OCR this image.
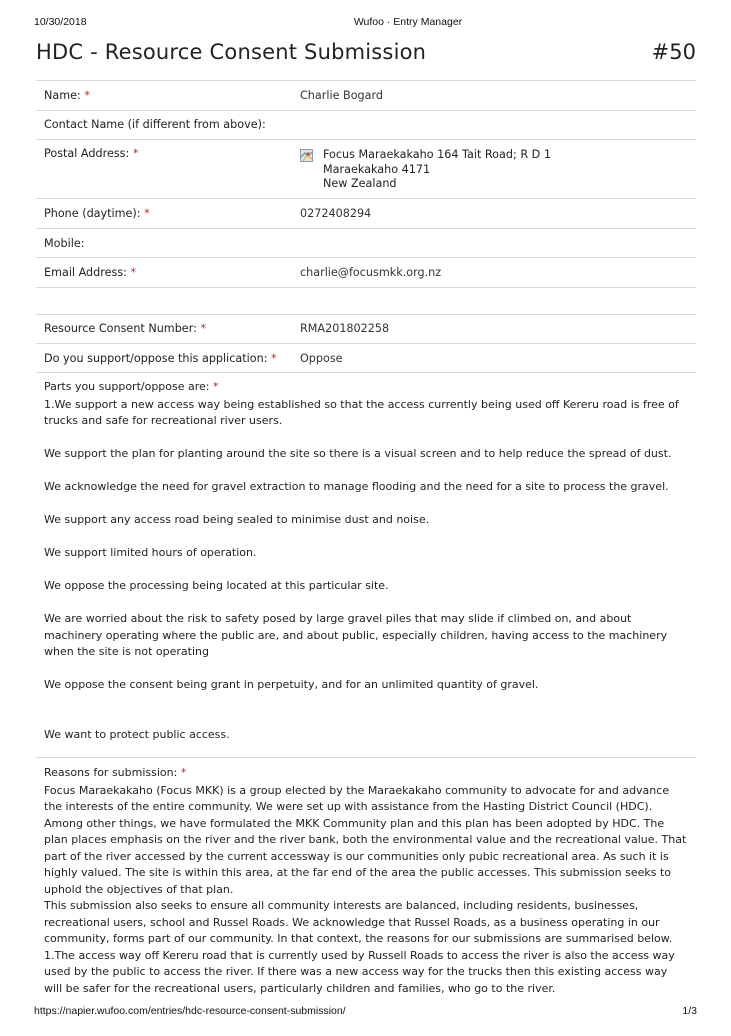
10/30/2018	Wufoo · Entry Manager
HDC - Resource Consent Submission	#50
Name: *	Charlie Bogard
Contact Name (if different from above):
Postal Address: *	Focus Maraekakaho 164 Tait Road; R D 1
Maraekakaho 4171
New Zealand
Phone (daytime): *	0272408294
Mobile:
Email Address: *	charlie@focusmkk.org.nz
Resource Consent Number: *	RMA201802258
Do you support/oppose this application: * Oppose
Parts you support/oppose are: *

1.We support a new access way being established so that the access currently being used off Kereru road is free of trucks and safe for recreational river users.

We support the plan for planting around the site so there is a visual screen and to help reduce the spread of dust.

We acknowledge the need for gravel extraction to manage flooding and the need for a site to process the gravel.

We support any access road being sealed to minimise dust and noise.

We support limited hours of operation.

We oppose the processing being located at this particular site.

We are worried about the risk to safety posed by large gravel piles that may slide if climbed on, and about machinery operating where the public are, and about public, especially children, having access to the machinery when the site is not operating

We oppose the consent being grant in perpetuity, and for an unlimited quantity of gravel.

We want to protect public access.

Reasons for submission: *

Focus Maraekakaho (Focus MKK) is a group elected by the Maraekakaho community to advocate for and advance the interests of the entire community. We were set up with assistance from the Hasting District Council (HDC). Among other things, we have formulated the MKK Community plan and this plan has been adopted by HDC. The plan places emphasis on the river and the river bank, both the environmental value and the recreational value. That part of the river accessed by the current accessway is our communities only pubic recreational area. As such it is highly valued. The site is within this area, at the far end of the area the public accesses. This submission seeks to uphold the objectives of that plan.

This submission also seeks to ensure all community interests are balanced, including residents, businesses, recreational users, school and Russel Roads. We acknowledge that Russel Roads, as a business operating in our community, forms part of our community. In that context, the reasons for our submissions are summarised below.

1.The access way off Kereru road that is currently used by Russell Roads to access the river is also the access way used by the public to access the river. If there was a new access way for the trucks then this existing access way will be safer for the recreational users, particularly children and families, who go to the river.

https://napier.wufoo.com/entries/hdc-resource-consent-submission/	1/3
